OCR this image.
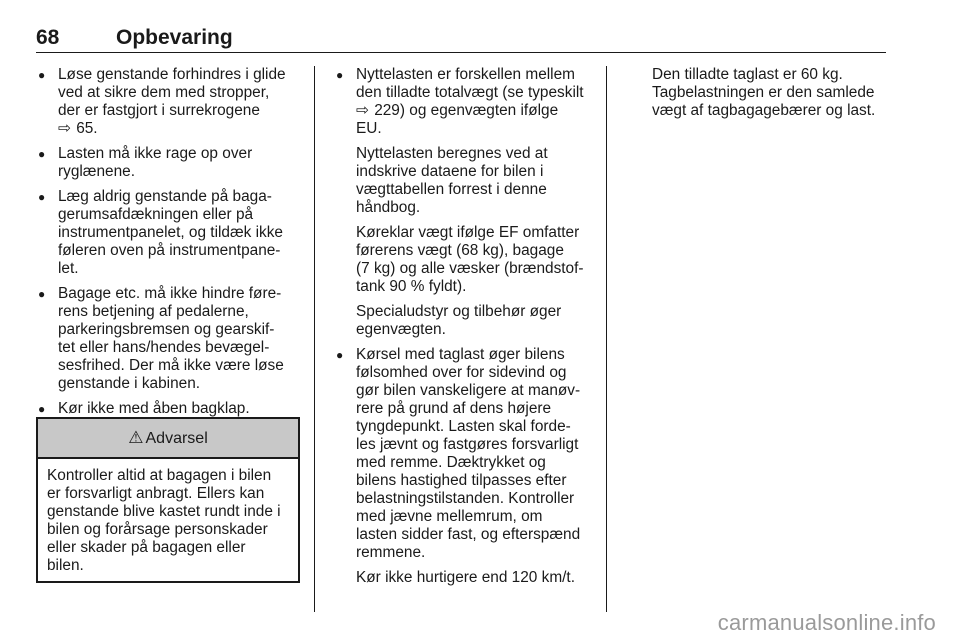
68	Opbevaring
● Løse genstande forhindres i glide
ved at sikre dem med stropper,
der er fastgjort i surrekrogene
⇨ 65.
● Lasten må ikke rage op over
ryglænene.
● Læg aldrig genstande på baga-
gerumsafdækningen eller på
instrumentpanelet, og tildæk ikke
føleren oven på instrumentpane-
let.
● Bagage etc. må ikke hindre føre-
rens betjening af pedalerne,
parkeringsbremsen og gearskif-
tet eller hans/hendes bevægel-
sesfrihed. Der må ikke være løse
genstande i kabinen.
● Kør ikke med åben bagklap.
⚠ Advarsel
Kontroller altid at bagagen i bilen
er forsvarligt anbragt. Ellers kan
genstande blive kastet rundt inde i
bilen og forårsage personskader
eller skader på bagagen eller
bilen.
● Nyttelasten er forskellen mellem
den tilladte totalvægt (se typeskilt
⇨ 229) og egenvægten ifølge
EU.
Nyttelasten beregnes ved at
indskrive dataene for bilen i
vægttabellen forrest i denne
håndbog.
Køreklar vægt ifølge EF omfatter
førerens vægt (68 kg), bagage
(7 kg) og alle væsker (brændstof-
tank 90 % fyldt).
Specialudstyr og tilbehør øger
egenvægten.
● Kørsel med taglast øger bilens
følsomhed over for sidevind og
gør bilen vanskeligere at manøv-
rere på grund af dens højere
tyngdepunkt. Lasten skal forde-
les jævnt og fastgøres forsvarligt
med remme. Dæktrykket og
bilens hastighed tilpasses efter
belastningstilstanden. Kontroller
med jævne mellemrum, om
lasten sidder fast, og efterspænd
remmene.
Kør ikke hurtigere end 120 km/t.
Den tilladte taglast er 60 kg.
Tagbelastningen er den samlede
vægt af tagbagagebærer og last.
carmanualsonline.info
